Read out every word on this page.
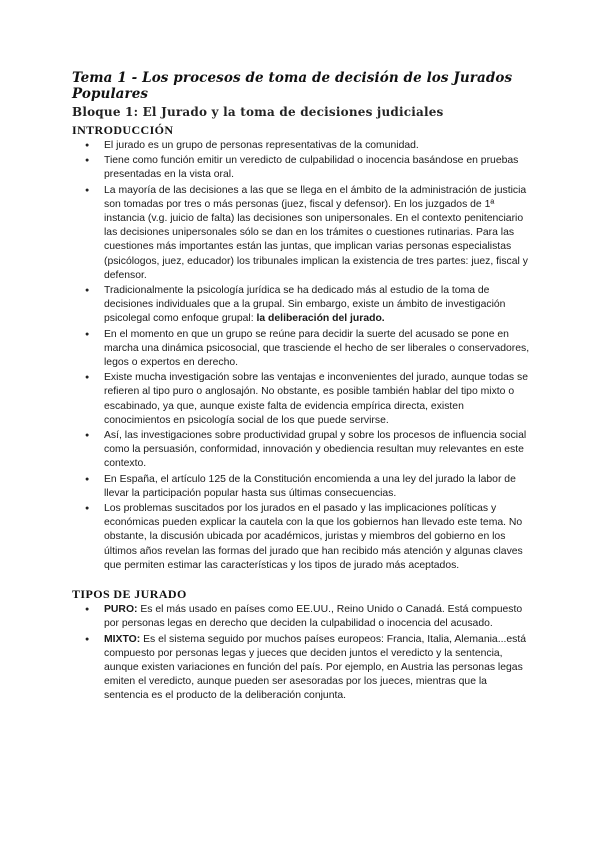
Tema 1 - Los procesos de toma de decisión de los Jurados Populares
Bloque 1: El Jurado y la toma de decisiones judiciales
INTRODUCCIÓN
● El jurado es un grupo de personas representativas de la comunidad.
● Tiene como función emitir un veredicto de culpabilidad o inocencia basándose en pruebas presentadas en la vista oral.
● La mayoría de las decisiones a las que se llega en el ámbito de la administración de justicia son tomadas por tres o más personas (juez, fiscal y defensor). En los juzgados de 1ª instancia (v.g. juicio de falta) las decisiones son unipersonales. En el contexto penitenciario las decisiones unipersonales sólo se dan en los trámites o cuestiones rutinarias. Para las cuestiones más importantes están las juntas, que implican varias personas especialistas (psicólogos, juez, educador) los tribunales implican la existencia de tres partes: juez, fiscal y defensor.
● Tradicionalmente la psicología jurídica se ha dedicado más al estudio de la toma de decisiones individuales que a la grupal. Sin embargo, existe un ámbito de investigación psicolegal como enfoque grupal: la deliberación del jurado.
● En el momento en que un grupo se reúne para decidir la suerte del acusado se pone en marcha una dinámica psicosocial, que trasciende el hecho de ser liberales o conservadores, legos o expertos en derecho.
● Existe mucha investigación sobre las ventajas e inconvenientes del jurado, aunque todas se refieren al tipo puro o anglosajón. No obstante, es posible también hablar del tipo mixto o escabinado, ya que, aunque existe falta de evidencia empírica directa, existen conocimientos en psicología social de los que puede servirse.
● Así, las investigaciones sobre productividad grupal y sobre los procesos de influencia social como la persuasión, conformidad, innovación y obediencia resultan muy relevantes en este contexto.
● En España, el artículo 125 de la Constitución encomienda a una ley del jurado la labor de llevar la participación popular hasta sus últimas consecuencias.
● Los problemas suscitados por los jurados en el pasado y las implicaciones políticas y económicas pueden explicar la cautela con la que los gobiernos han llevado este tema. No obstante, la discusión ubicada por académicos, juristas y miembros del gobierno en los últimos años revelan las formas del jurado que han recibido más atención y algunas claves que permiten estimar las características y los tipos de jurado más aceptados.
TIPOS DE JURADO
● PURO: Es el más usado en países como EE.UU., Reino Unido o Canadá. Está compuesto por personas legas en derecho que deciden la culpabilidad o inocencia del acusado.
● MIXTO: Es el sistema seguido por muchos países europeos: Francia, Italia, Alemania...está compuesto por personas legas y jueces que deciden juntos el veredicto y la sentencia, aunque existen variaciones en función del país. Por ejemplo, en Austria las personas legas emiten el veredicto, aunque pueden ser asesoradas por los jueces, mientras que la sentencia es el producto de la deliberación conjunta.
